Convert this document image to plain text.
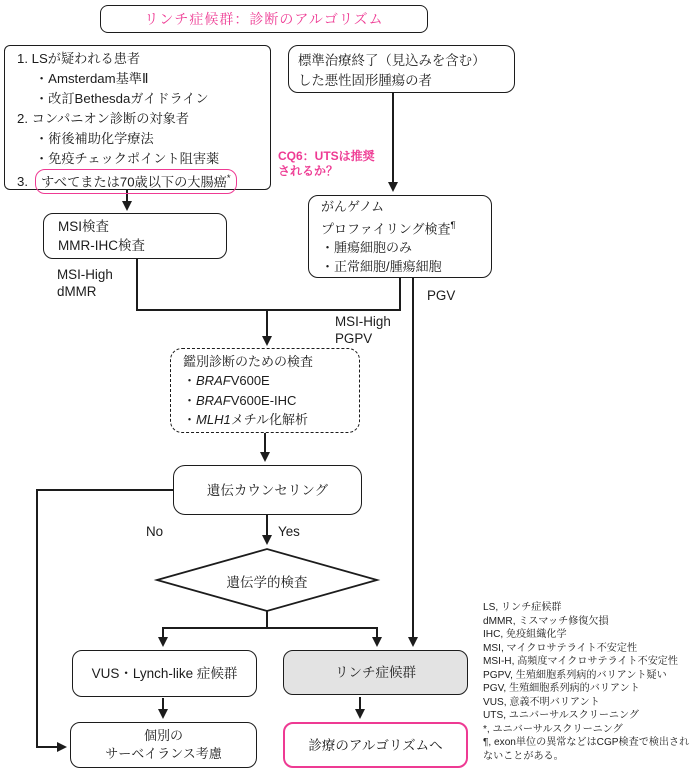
リンチ症候群：診断のアルゴリズム
1. LSが疑われる患者
・Amsterdam基準Ⅱ
・改訂Bethesdaガイドライン
2. コンパニオン診断の対象者
・術後補助化学療法
・免疫チェックポイント阻害薬
3. すべてまたは70歳以下の大腸癌*
標準治療終了（見込みを含む）
した悪性固形腫瘍の者
CQ6：UTSは推奨
されるか？
MSI検査
MMR-IHC検査
がんゲノム
プロファイリング検査¶
・腫瘍細胞のみ
・正常細胞/腫瘍細胞
MSI-High
dMMR	PGV
MSI-High
PGPV
鑑別診断のための検査
・BRAFV600E
・BRAFV600E-IHC
・MLH1メチル化解析
遺伝カウンセリング
No	Yes
遺伝学的検査
VUS・Lynch-like 症候群	リンチ症候群
個別の
サーベイランス考慮
診療のアルゴリズムへ
LS, リンチ症候群
dMMR, ミスマッチ修復欠損
IHC, 免疫組織化学
MSI, マイクロサテライト不安定性
MSI-H, 高頻度マイクロサテライト不安定性
PGPV, 生殖細胞系列病的バリアント疑い
PGV, 生殖細胞系列病的バリアント
VUS, 意義不明バリアント
UTS, ユニバーサルスクリーニング
*, ユニバーサルスクリーニング
¶, exon単位の異常などはCGP検査で検出されないことがある。
